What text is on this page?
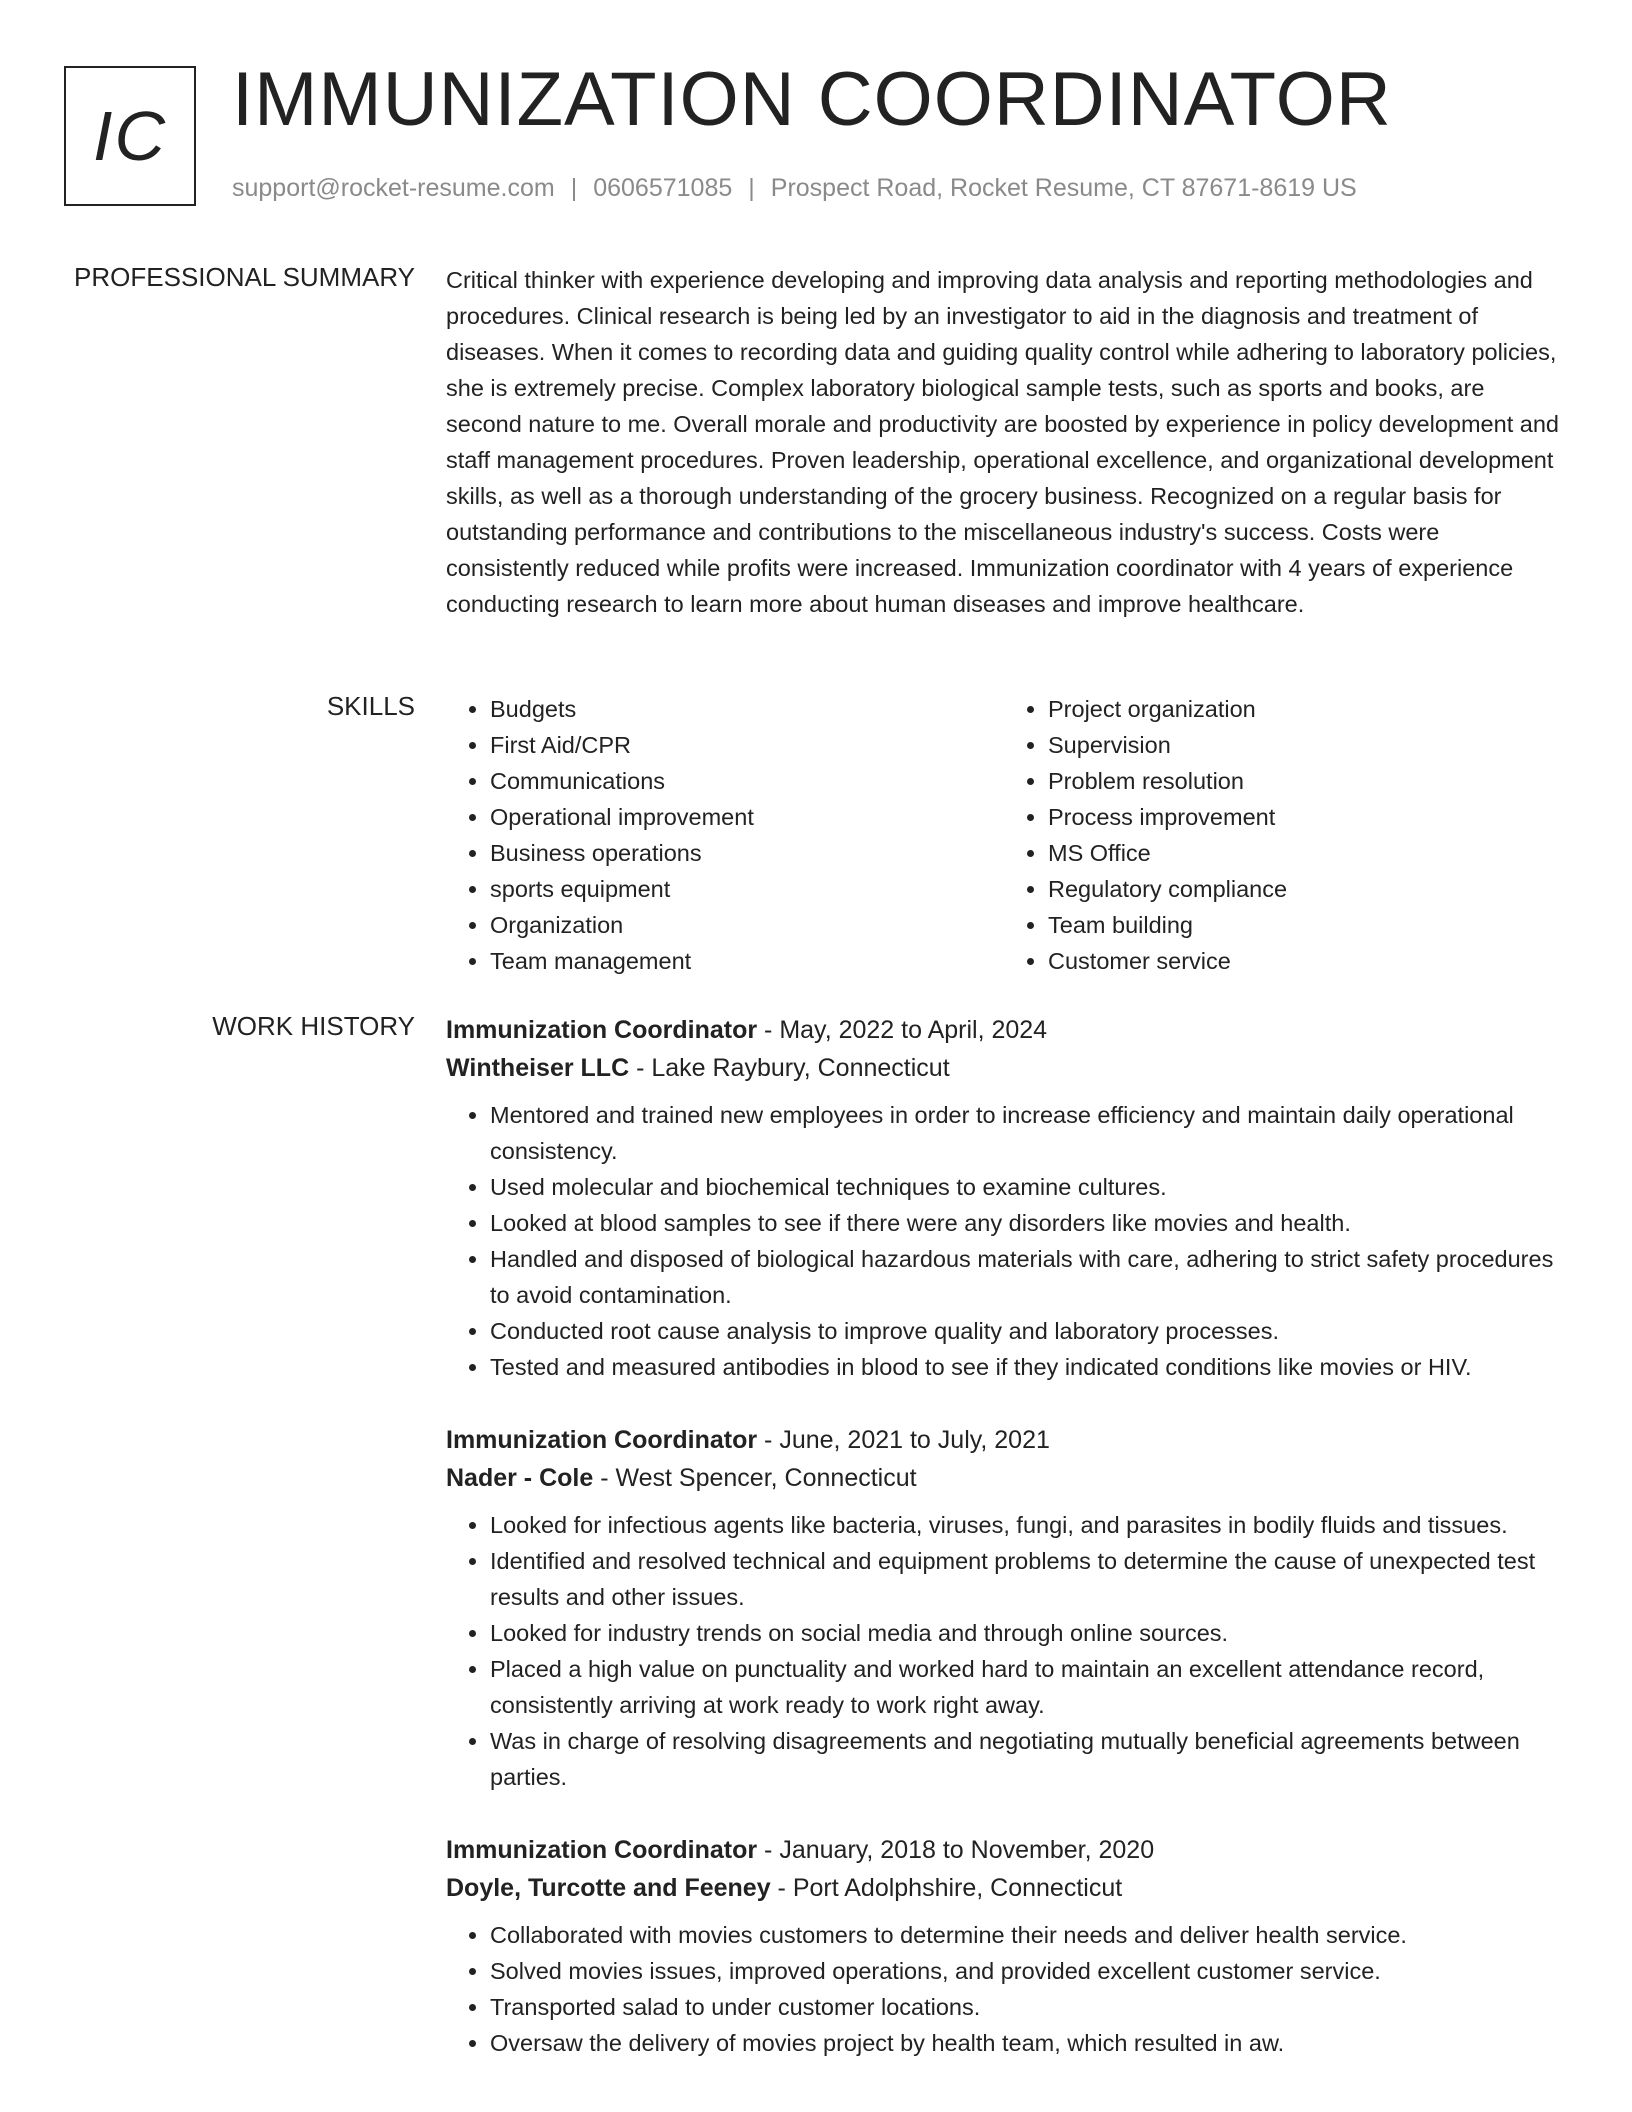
IC IMMUNIZATION COORDINATOR
support@rocket-resume.com | 0606571085 | Prospect Road, Rocket Resume, CT 87671-8619 US
PROFESSIONAL SUMMARY Critical thinker with experience developing and improving data analysis and reporting methodologies and procedures. Clinical research is being led by an investigator to aid in the diagnosis and treatment of diseases. When it comes to recording data and guiding quality control while adhering to laboratory policies, she is extremely precise. Complex laboratory biological sample tests, such as sports and books, are second nature to me. Overall morale and productivity are boosted by experience in policy development and staff management procedures. Proven leadership, operational excellence, and organizational development skills, as well as a thorough understanding of the grocery business. Recognized on a regular basis for outstanding performance and contributions to the miscellaneous industry's success. Costs were consistently reduced while profits were increased. Immunization coordinator with 4 years of experience conducting research to learn more about human diseases and improve healthcare.

SKILLS
•	Budgets
• First Aid/CPR
• Communications
• Operational improvement
• Business operations
• sports equipment
• Organization
• Team management
• Project organization
• Supervision
• Problem resolution
• Process improvement
• MS Office
• Regulatory compliance
• Team building
• Customer service
WORK HISTORY Immunization Coordinator - May, 2022 to April, 2024
Wintheiser LLC - Lake Raybury, Connecticut
• Mentored and trained new employees in order to increase efficiency and maintain daily operational consistency.
• Used molecular and biochemical techniques to examine cultures.
• Looked at blood samples to see if there were any disorders like movies and health.
• Handled and disposed of biological hazardous materials with care, adhering to strict safety procedures to avoid contamination.
• Conducted root cause analysis to improve quality and laboratory processes.
• Tested and measured antibodies in blood to see if they indicated conditions like movies or HIV.
Immunization Coordinator - June, 2021 to July, 2021
Nader - Cole - West Spencer, Connecticut
• Looked for infectious agents like bacteria, viruses, fungi, and parasites in bodily fluids and tissues.
• Identified and resolved technical and equipment problems to determine the cause of unexpected test results and other issues.
• Looked for industry trends on social media and through online sources.
• Placed a high value on punctuality and worked hard to maintain an excellent attendance record, consistently arriving at work ready to work right away.
• Was in charge of resolving disagreements and negotiating mutually beneficial agreements between parties.
Immunization Coordinator - January, 2018 to November, 2020
Doyle, Turcotte and Feeney - Port Adolphshire, Connecticut
• Collaborated with movies customers to determine their needs and deliver health service.
• Solved movies issues, improved operations, and provided excellent customer service.
• Transported salad to under customer locations.
• Oversaw the delivery of movies project by health team, which resulted in aw.
